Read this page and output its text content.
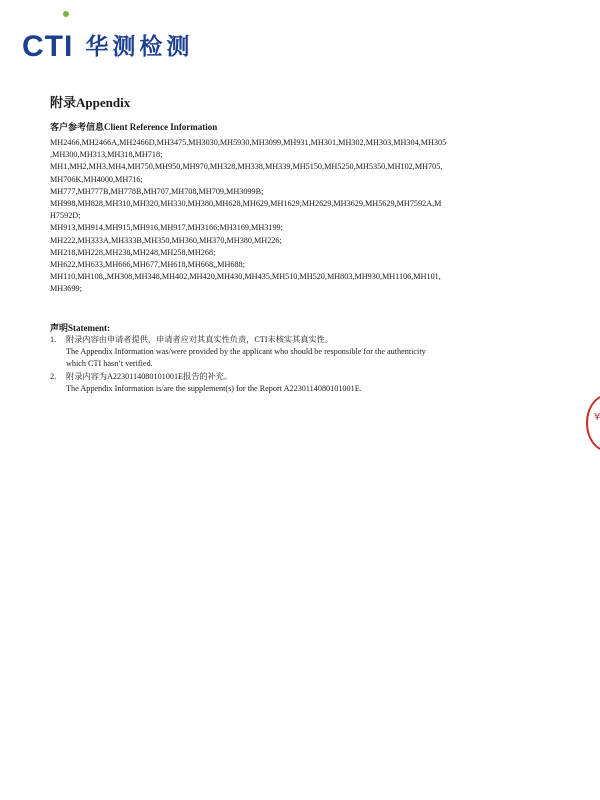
CTI 华测检测
附录Appendix
客户参考信息Client Reference Information
MH2466,MH2466A,MH2466D,MH3475,MH3030,MH5930,MH3099,MH931,MH301,MH302,MH303,MH304,MH305
,MH300,MH313,MH318,MH718;
MH1,MH2,MH3,MH4,MH750,MH950,MH970,MH328,MH338,MH339,MH5150,MH5250,MH5350,MH102,MH705,
MH706K,MH4000,MH716;
MH777,MH777B,MH778B,MH707,MH708,MH709,MH3099B;
MH998,MH828,MH310,MH320,MH330,MH380,MH628,MH629,MH1629,MH2629,MH3629,MH5629,MH7592A,M
H7592D;
MH913,MH914,MH915,MH916,MH917,MH3166;MH3169,MH3199;
MH222,MH333A,MH333B,MH350,MH360,MH370,MH380,MH226;
MH218,MH228,MH238,MH248,MH258,MH268;
MH622,MH633,MH666,MH677,MH618,MH668,,MH688;
MH110,MH108,,MH308,MH348,MH402,MH420,MH430,MH435,MH510,MH520,MH803,MH930,MH1106,MH101,
MH3699;
声明Statement:
1. 附录内容由申请者提供，申请者应对其真实性负责，CTI未核实其真实性。
The Appendix Information was/were provided by the applicant who should be responsible for the authenticity
which CTI hasn’t verified.
2. 附录内容为A2230114080101001E报告的补充。
The Appendix Information is/are the supplement(s) for the Report A2230114080101001E.
¥
